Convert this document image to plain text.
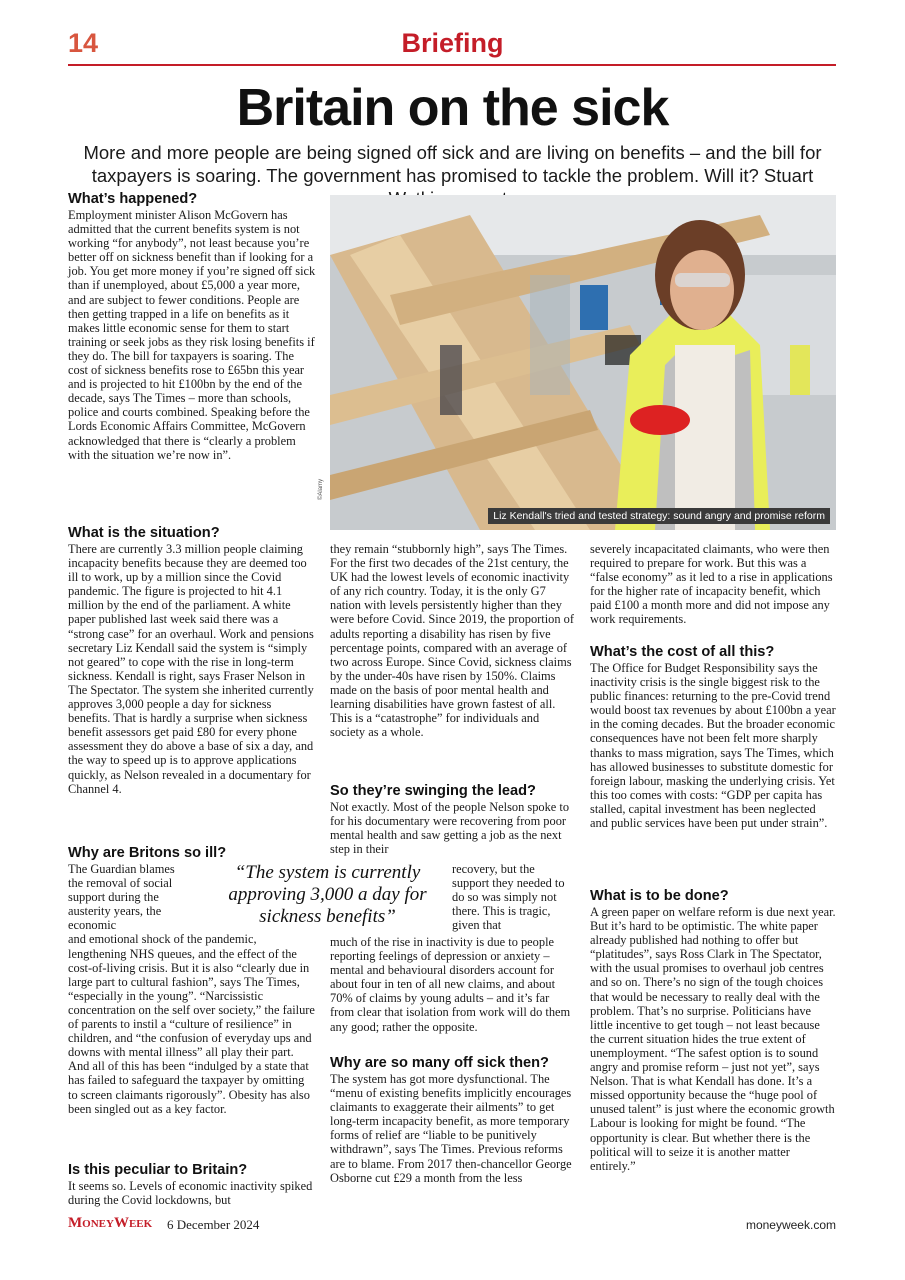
14	Briefing
Britain on the sick
More and more people are being signed off sick and are living on benefits – and the bill for taxpayers is soaring. The government has promised to tackle the problem. Will it? Stuart

What’s happened?

Employment minister Alison McGovern has admitted that the current benefits system is not working “for anybody”, not least because you’re better off on sickness benefit than if looking for a job. You get more money if you’re signed off sick than if unemployed, about £5,000 a year more, and are subject to fewer conditions. People are then getting trapped in a life on benefits as it makes little economic sense for them to start training or seek jobs as they risk losing benefits if they do. The bill for taxpayers is soaring. The cost of sickness benefits rose to £65bn this year and is projected to hit £100bn by the end of the decade, says The Times – more than schools, police and courts combined. Speaking before the Lords Economic Affairs Committee, McGovern acknowledged that there is “clearly a problem with the situation we’re now in”.

Liz Kendall's tried and tested strategy: sound angry and promise reform
©Alamy

What is the situation?

There are currently 3.3 million people claiming incapacity benefits because they are deemed too ill to work, up by a million since the Covid pandemic. The figure is projected to hit 4.1 million by the end of the parliament. A white paper published last week said there was a “strong case” for an overhaul. Work and pensions secretary Liz Kendall said the system is “simply not geared” to cope with the rise in long-term sickness. Kendall is right, says Fraser Nelson in The Spectator. The system she inherited currently approves 3,000 people a day for sickness benefits. That is hardly a surprise when sickness benefit assessors get paid £80 for every phone assessment they do above a base of six a day, and the way to speed up is to approve applications quickly, as Nelson revealed in a documentary for Channel 4.

Why are Britons so ill?

The Guardian blames the removal of social support during the austerity years, the economic

and emotional shock of the pandemic, lengthening NHS queues, and the effect of the cost-of-living crisis. But it is also “clearly due in large part to cultural fashion”, says The Times, “especially in the young”. “Narcissistic concentration on the self over society,” the failure of parents to instil a “culture of resilience” in children, and “the confusion of everyday ups and downs with mental illness” all play their part. And all of this has been “indulged by a state that has failed to safeguard the taxpayer by omitting to screen claimants rigorously”. Obesity has also been singled out as a key factor.

Is this peculiar to Britain?

It seems so. Levels of economic inactivity spiked during the Covid lockdowns, but

they remain “stubbornly high”, says The Times. For the first two decades of the 21st century, the UK had the lowest levels of economic inactivity of any rich country. Today, it is the only G7 nation with levels persistently higher than they were before Covid. Since 2019, the proportion of adults reporting a disability has risen by five percentage points, compared with an average of two across Europe. Since Covid, sickness claims by the under-40s have risen by 150%. Claims made on the basis of poor mental health and learning disabilities have grown fastest of all. This is a “catastrophe” for individuals and society as a whole.

So they’re swinging the lead?

Not exactly. Most of the people Nelson spoke to for his documentary were recovering from poor mental health and saw getting a job as the next step in their

recovery, but the support they needed to do so was simply not there. This is tragic, given that

much of the rise in inactivity is due to people reporting feelings of depression or anxiety – mental and behavioural disorders account for about four in ten of all new claims, and about 70% of claims by young adults – and it’s far from clear that isolation from work will do them any good; rather the opposite.

“The system is currently approving 3,000 a day for sickness benefits”

Why are so many off sick then?

The system has got more dysfunctional. The “menu of existing benefits implicitly encourages claimants to exaggerate their ailments” to get long-term incapacity benefit, as more temporary forms of relief are “liable to be punitively withdrawn”, says The Times. Previous reforms are to blame. From 2017 then-chancellor George Osborne cut £29 a month from the less

severely incapacitated claimants, who were then required to prepare for work. But this was a “false economy” as it led to a rise in applications for the higher rate of incapacity benefit, which paid £100 a month more and did not impose any work requirements.

What’s the cost of all this?

The Office for Budget Responsibility says the inactivity crisis is the single biggest risk to the public finances: returning to the pre-Covid trend would boost tax revenues by about £100bn a year in the coming decades. But the broader economic consequences have not been felt more sharply thanks to mass migration, says The Times, which has allowed businesses to substitute domestic for foreign labour, masking the underlying crisis. Yet this too comes with costs: “GDP per capita has stalled, capital investment has been neglected and public services have been put under strain”.

What is to be done?

A green paper on welfare reform is due next year. But it’s hard to be optimistic. The white paper already published had nothing to offer but “platitudes”, says Ross Clark in The Spectator, with the usual promises to overhaul job centres and so on. There’s no sign of the tough choices that would be necessary to really deal with the problem. That’s no surprise. Politicians have little incentive to get tough – not least because the current situation hides the true extent of unemployment. “The safest option is to sound angry and promise reform – just not yet”, says Nelson. That is what Kendall has done. It’s a missed opportunity because the “huge pool of unused talent” is just where the economic growth Labour is looking for might be found. “The opportunity is clear. But whether there is the political will to seize it is another matter entirely.”

MoneyWeek 6 December 2024	moneyweek.com
